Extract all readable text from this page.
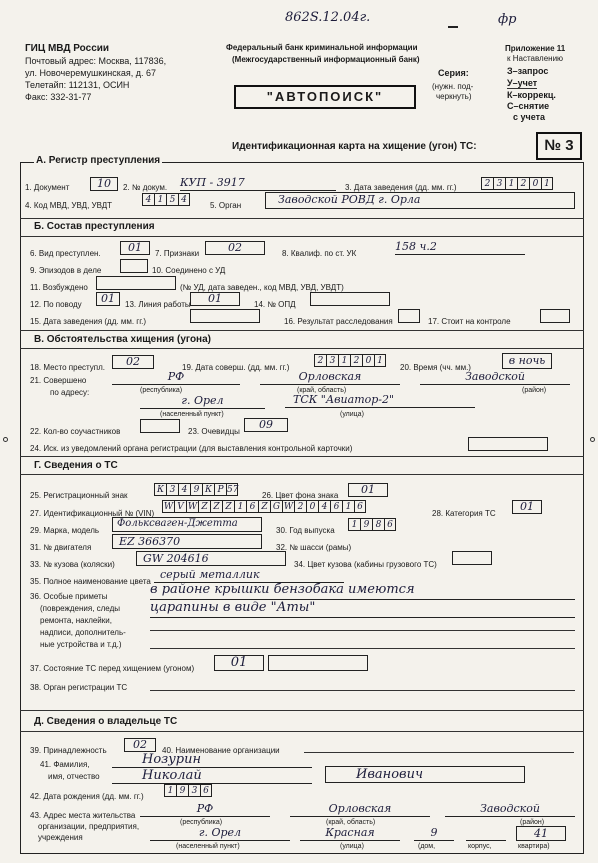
862S.12.04г.	фр
ГИЦ МВД России
Почтовый адрес: Москва, 117836,
ул. Новочеремушкинская, д. 67
Телетайп: 112131, ОСИН
Факс: 332-31-77
Федеральный банк криминальной информации
(Межгосударственный информационный банк)
"АВТОПОИСК"
Серия:
(нужн. под-
черкнуть)
Приложение 11
к Наставлению
З–запрос
У–учет
К–коррекц.
С–снятие
с учета
Идентификационная карта на хищение (угон) ТС:	№ 3
А. Регистр преступления
1. Документ	10	2. № докум. КУП - 3917	3. Дата заведения (дд. мм. гг.)	2 3 1 2 0 1
4. Код МВД, УВД, УВДТ
4 1 5 4
5. Орган	Заводской РОВД г. Орла
Б. Состав преступления
6. Вид преступлен.	01	7. Признаки	02	8. Квалиф. по ст. УК
158 ч.2
9. Эпизодов в деле	10. Соединено с УД
11. Возбуждено	(№ УД, дата заведен., код МВД, УВД, УВДТ)
12. По поводу	01	13. Линия работы	01	14. № ОПД
15. Дата заведения (дд. мм. гг.)	16. Результат расследования	17. Стоит на контроле
В. Обстоятельства хищения (угона)
18. Место преступл.	02	19. Дата соверш. (дд. мм. гг.)
2 3 1 2 0 1
20. Время (чч. мм.)
в ночь
21. Совершено
по адресу:
РФ
(республика)
Орловская
(край, область)
Заводской
(район)
г. Орел
(населенный пункт)
ТСК "Авиатор-2"
(улица)
22. Кол-во соучастников	23. Очевидцы
09
24. Иск. из уведомлений органа регистрации (для выставления контрольной карточки)
Г. Сведения о ТС
25. Регистрационный знак
К 3 4 9 К Р 57
26. Цвет фона знака	01
27. Идентификационный № (VIN)
W V W Z Z Z 1 6 Z G W 2 0 4 6 1 6
28. Категория ТС
01
29. Марка, модель
Фольксваген-Джетта
30. Год выпуска
1 9 8 6
31. № двигателя	EZ 366370	32. № шасси (рамы)
33. № кузова (коляски)	GW 204616	34. Цвет кузова (кабины грузового ТС)
35. Полное наименование цвета
серый металлик
36. Особые приметы
(повреждения, следы
ремонта, наклейки,
надписи, дополнитель-
ные устройства и т.д.)
в районе крышки бензобака имеются
царапины в виде "Аты"
37. Состояние ТС перед хищением (угоном)	01
38. Орган регистрации ТС
Д. Сведения о владельце ТС
39. Принадлежность	02	40. Наименование организации
41. Фамилия,
имя, отчество
Нозурин
Николай	Иванович
42. Дата рождения (дд. мм. гг.)
1 9 3 6
43. Адрес места жительства
организации, предприятия,
учреждения
РФ
(республика)
Орловская
(край, область)
Заводской
(район)
г. Орел
(населенный пункт)
Красная
(улица)
9
(дом,	корпус,
41
квартира)
